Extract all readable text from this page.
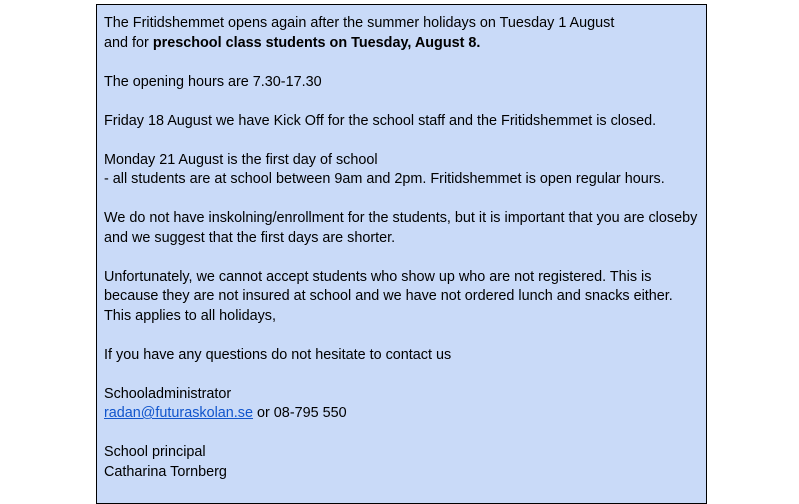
The Fritidshemmet opens again after the summer holidays on Tuesday 1 August
and for preschool class students on Tuesday, August 8.
The opening hours are 7.30-17.30
Friday 18 August we have Kick Off for the school staff and the Fritidshemmet is closed.
Monday 21 August is the first day of school
- all students are at school between 9am and 2pm. Fritidshemmet is open regular hours.
We do not have inskolning/enrollment for the students, but it is important that you are closeby
and we suggest that the first days are shorter.
Unfortunately, we cannot accept students who show up who are not registered. This is
because they are not insured at school and we have not ordered lunch and snacks either.
This applies to all holidays,
If you have any questions do not hesitate to contact us
Schooladministrator
radan@futuraskolan.se or 08-795 550
School principal
Catharina Tornberg
